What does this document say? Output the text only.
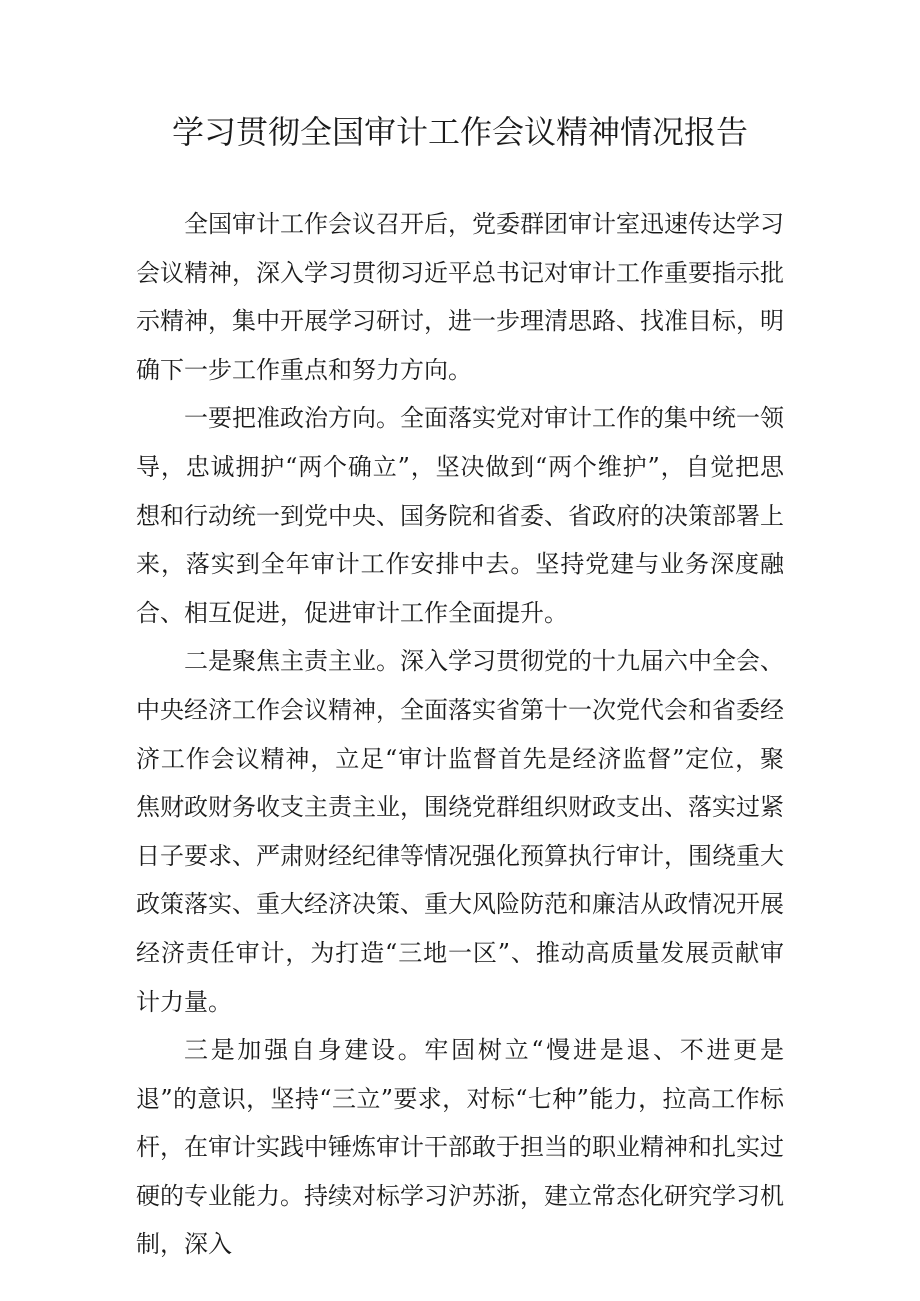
学习贯彻全国审计工作会议精神情况报告

全国审计工作会议召开后，党委群团审计室迅速传达学习会议精神，深入学习贯彻习近平总书记对审计工作重要指示批示精神，集中开展学习研讨，进一步理清思路、找准目标，明确下一步工作重点和努力方向。

一要把准政治方向。全面落实党对审计工作的集中统一领导，忠诚拥护“两个确立”，坚决做到“两个维护”，自觉把思想和行动统一到党中央、国务院和省委、省政府的决策部署上来，落实到全年审计工作安排中去。坚持党建与业务深度融合、相互促进，促进审计工作全面提升。

二是聚焦主责主业。深入学习贯彻党的十九届六中全会、中央经济工作会议精神，全面落实省第十一次党代会和省委经济工作会议精神，立足“审计监督首先是经济监督”定位，聚焦财政财务收支主责主业，围绕党群组织财政支出、落实过紧日子要求、严肃财经纪律等情况强化预算执行审计，围绕重大政策落实、重大经济决策、重大风险防范和廉洁从政情况开展经济责任审计，为打造“三地一区”、推动高质量发展贡献审计力量。

三是加强自身建设。牢固树立“慢进是退、不进更是退”的意识，坚持“三立”要求，对标“七种”能力，拉高工作标杆，在审计实践中锤炼审计干部敢于担当的职业精神和扎实过硬的专业能力。持续对标学习沪苏浙，建立常态化研究学习机制，深入
